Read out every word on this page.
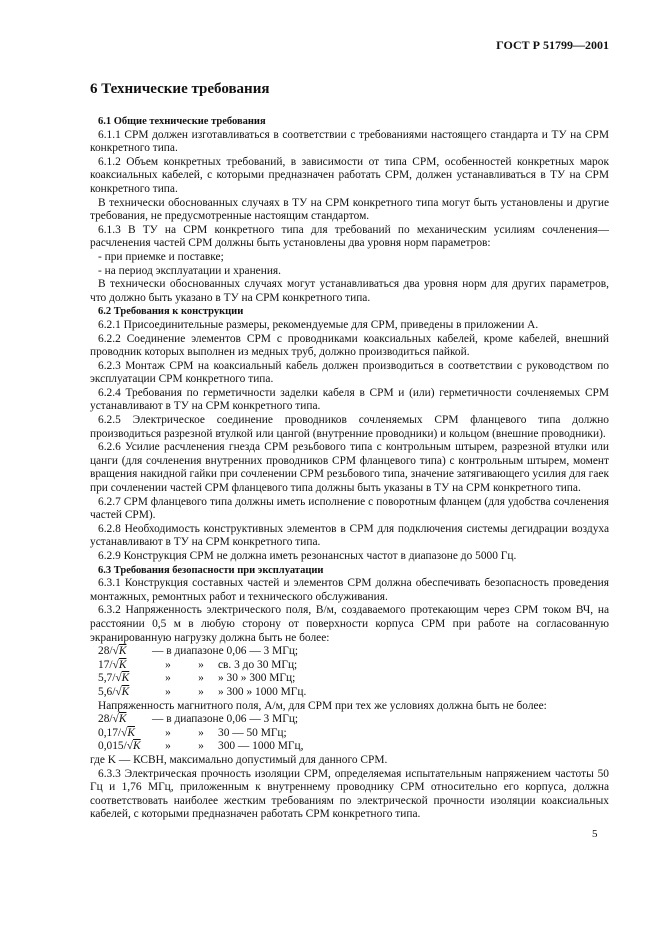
ГОСТ Р 51799—2001
6 Технические требования
6.1 Общие технические требования

6.1.1 СРМ должен изготавливаться в соответствии с требованиями настоящего стандарта и ТУ на СРМ конкретного типа.

6.1.2 Объем конкретных требований, в зависимости от типа СРМ, особенностей конкретных марок коаксиальных кабелей, с которыми предназначен работать СРМ, должен устанавливаться в ТУ на СРМ конкретного типа.

В технически обоснованных случаях в ТУ на СРМ конкретного типа могут быть установлены и другие требования, не предусмотренные настоящим стандартом.

6.1.3 В ТУ на СРМ конкретного типа для требований по механическим усилиям сочленения—расчленения частей СРМ должны быть установлены два уровня норм параметров:

- при приемке и поставке;

- на период эксплуатации и хранения.

В технически обоснованных случаях могут устанавливаться два уровня норм для других параметров, что должно быть указано в ТУ на СРМ конкретного типа.

6.2 Требования к конструкции

6.2.1 Присоединительные размеры, рекомендуемые для СРМ, приведены в приложении А.

6.2.2 Соединение элементов СРМ с проводниками коаксиальных кабелей, кроме кабелей, внешний проводник которых выполнен из медных труб, должно производиться пайкой.

6.2.3 Монтаж СРМ на коаксиальный кабель должен производиться в соответствии с руководством по эксплуатации СРМ конкретного типа.

6.2.4 Требования по герметичности заделки кабеля в СРМ и (или) герметичности сочленяемых СРМ устанавливают в ТУ на СРМ конкретного типа.

6.2.5 Электрическое соединение проводников сочленяемых СРМ фланцевого типа должно производиться разрезной втулкой или цангой (внутренние проводники) и кольцом (внешние проводники).

6.2.6 Усилие расчленения гнезда СРМ резьбового типа с контрольным штырем, разрезной втулки или цанги (для сочленения внутренних проводников СРМ фланцевого типа) с контрольным штырем, момент вращения накидной гайки при сочленении СРМ резьбового типа, значение затягивающего усилия для гаек при сочленении частей СРМ фланцевого типа должны быть указаны в ТУ на СРМ конкретного типа.

6.2.7 СРМ фланцевого типа должны иметь исполнение с поворотным фланцем (для удобства сочленения частей СРМ).

6.2.8 Необходимость конструктивных элементов в СРМ для подключения системы дегидрации воздуха устанавливают в ТУ на СРМ конкретного типа.

6.2.9 Конструкция СРМ не должна иметь резонансных частот в диапазоне до 5000 Гц.

6.3 Требования безопасности при эксплуатации

6.3.1 Конструкция составных частей и элементов СРМ должна обеспечивать безопасность проведения монтажных, ремонтных работ и технического обслуживания.

6.3.2 Напряженность электрического поля, В/м, создаваемого протекающим через СРМ током ВЧ, на расстоянии 0,5 м в любую сторону от поверхности корпуса СРМ при работе на согласованную экранированную нагрузку должна быть не более:

28/√K	— в диапазоне 0,06 — 3 МГц;
17/√K	»	»	св. 3 до 30 МГц;
5,7/√K	»	»	» 30 » 300 МГц;
5,6/√K	»	»	» 300 » 1000 МГц.

Напряженность магнитного поля, А/м, для СРМ при тех же условиях должна быть не более:

28/√K	— в диапазоне 0,06 — 3 МГц;
0,17/√K	»	»	30 — 50 МГц;
0,015/√K	»	»	300 — 1000 МГц,

где K — КСВН, максимально допустимый для данного СРМ.

6.3.3 Электрическая прочность изоляции СРМ, определяемая испытательным напряжением частоты 50 Гц и 1,76 МГц, приложенным к внутреннему проводнику СРМ относительно его корпуса, должна соответствовать наиболее жестким требованиям по электрической прочности изоляции коаксиальных кабелей, с которыми предназначен работать СРМ конкретного типа.

5
